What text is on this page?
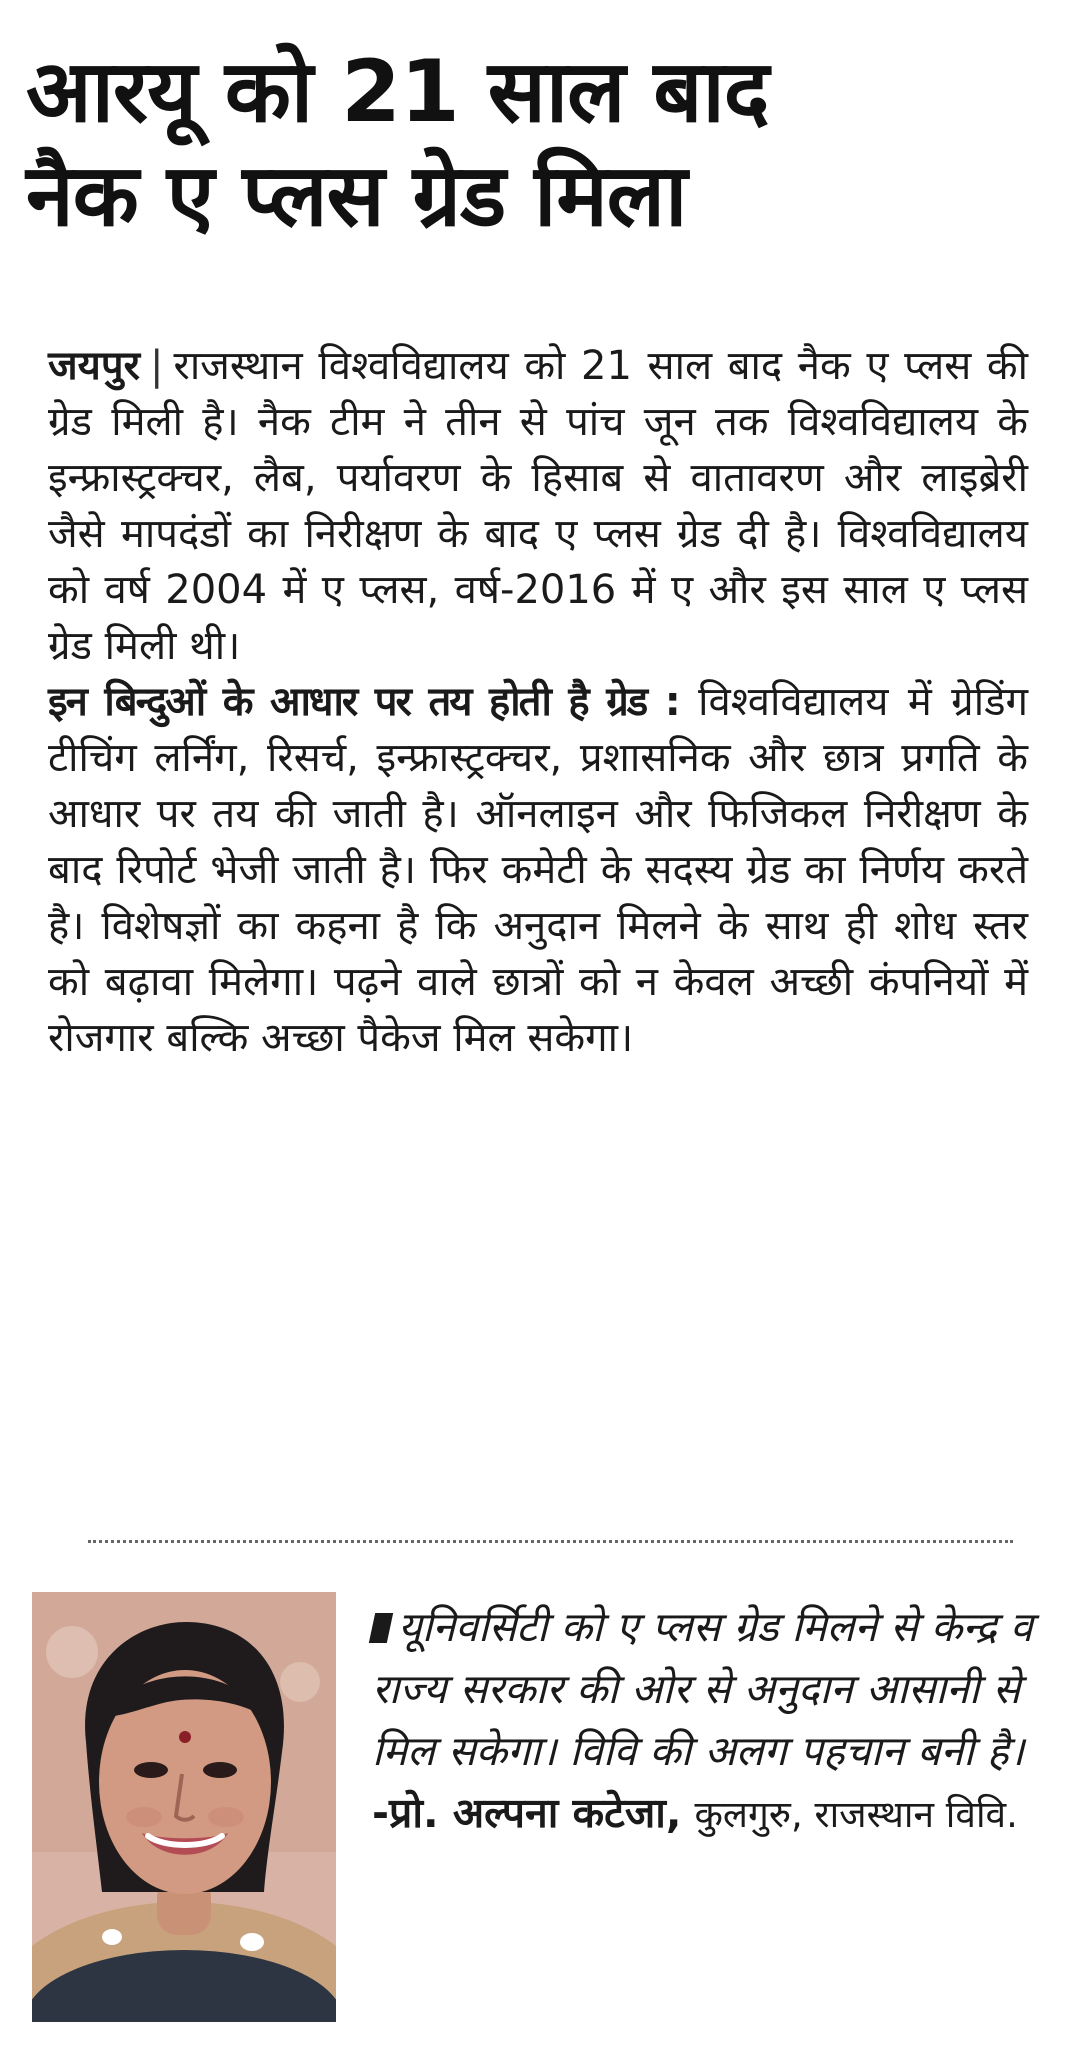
आरयू को 21 साल बाद
नैक ए प्लस ग्रेड मिला

जयपुर | राजस्थान विश्वविद्यालय को 21 साल बाद नैक ए प्लस की ग्रेड मिली है। नैक टीम ने तीन से पांच जून तक विश्वविद्यालय के इन्फ्रास्ट्रक्चर, लैब, पर्यावरण के हिसाब से वातावरण और लाइब्रेरी जैसे मापदंडों का निरीक्षण के बाद ए प्लस ग्रेड दी है। विश्वविद्यालय को वर्ष 2004 में ए प्लस, वर्ष-2016 में ए और इस साल ए प्लस ग्रेड मिली थी।

इन बिन्दुओं के आधार पर तय होती है ग्रेड : विश्वविद्यालय में ग्रेडिंग टीचिंग लर्निंग, रिसर्च, इन्फ्रास्ट्रक्चर, प्रशासनिक और छात्र प्रगति के आधार पर तय की जाती है। ऑनलाइन और फिजिकल निरीक्षण के बाद रिपोर्ट भेजी जाती है। फिर कमेटी के सदस्य ग्रेड का निर्णय करते है। विशेषज्ञों का कहना है कि अनुदान मिलने के साथ ही शोध स्तर को बढ़ावा मिलेगा। पढ़ने वाले छात्रों को न केवल अच्छी कंपनियों में रोजगार बल्कि अच्छा पैकेज मिल सकेगा।

यूनिवर्सिटी को ए प्लस ग्रेड मिलने से केन्द्र व राज्य सरकार की ओर से अनुदान आसानी से मिल सकेगा। विवि की अलग पहचान बनी है। -प्रो. अल्पना कटेजा, कुलगुरु, राजस्थान विवि.
